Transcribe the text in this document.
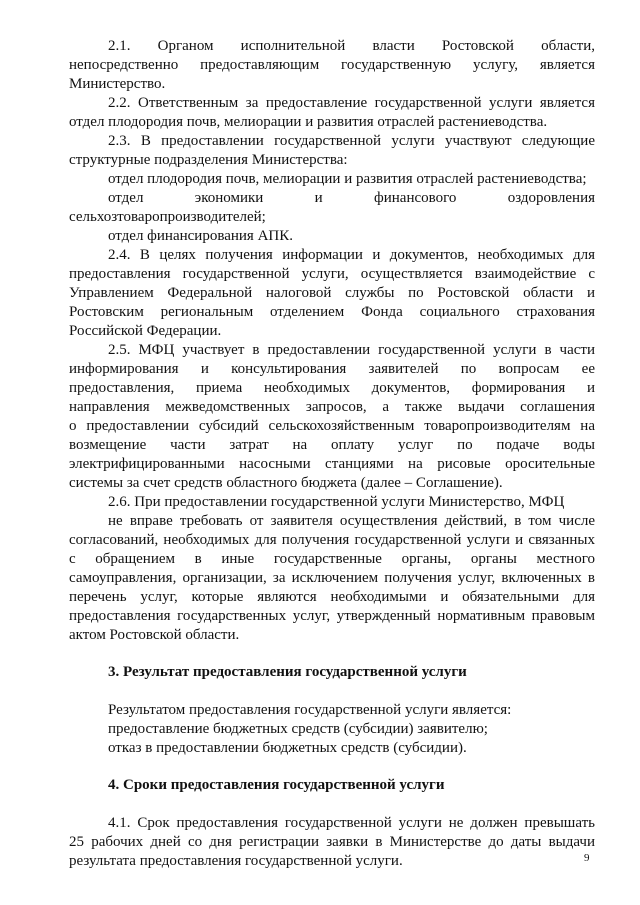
2.1. Органом исполнительной власти Ростовской области,
непосредственно предоставляющим государственную услугу, является
Министерство.
2.2. Ответственным за предоставление государственной услуги является
отдел плодородия почв, мелиорации и развития отраслей растениеводства.
2.3. В предоставлении государственной услуги участвуют следующие
структурные подразделения Министерства:
отдел плодородия почв, мелиорации и развития отраслей растениеводства;
отдел экономики и финансового оздоровления
сельхозтоваропроизводителей;
отдел финансирования АПК.
2.4. В целях получения информации и документов, необходимых для
предоставления государственной услуги, осуществляется взаимодействие с
Управлением Федеральной налоговой службы по Ростовской области и
Ростовским региональным отделением Фонда социального страхования
Российской Федерации.
2.5. МФЦ участвует в предоставлении государственной услуги в части
информирования и консультирования заявителей по вопросам ее
предоставления, приема необходимых документов, формирования и
направления межведомственных запросов, а также выдачи соглашения
о предоставлении субсидий сельскохозяйственным товаропроизводителям на
возмещение части затрат на оплату услуг по подаче воды
электрифицированными насосными станциями на рисовые оросительные
системы за счет средств областного бюджета (далее – Соглашение).
2.6. При предоставлении государственной услуги Министерство, МФЦ
не вправе требовать от заявителя осуществления действий, в том числе
согласований, необходимых для получения государственной услуги и связанных
с обращением в иные государственные органы, органы местного
самоуправления, организации, за исключением получения услуг, включенных в
перечень услуг, которые являются необходимыми и обязательными для
предоставления государственных услуг, утвержденный нормативным правовым
актом Ростовской области.
3. Результат предоставления государственной услуги
Результатом предоставления государственной услуги является:
предоставление бюджетных средств (субсидии) заявителю;
отказ в предоставлении бюджетных средств (субсидии).
4. Сроки предоставления государственной услуги
4.1. Срок предоставления государственной услуги не должен превышать
25 рабочих дней со дня регистрации заявки в Министерстве до даты выдачи
результата предоставления государственной услуги.	9
